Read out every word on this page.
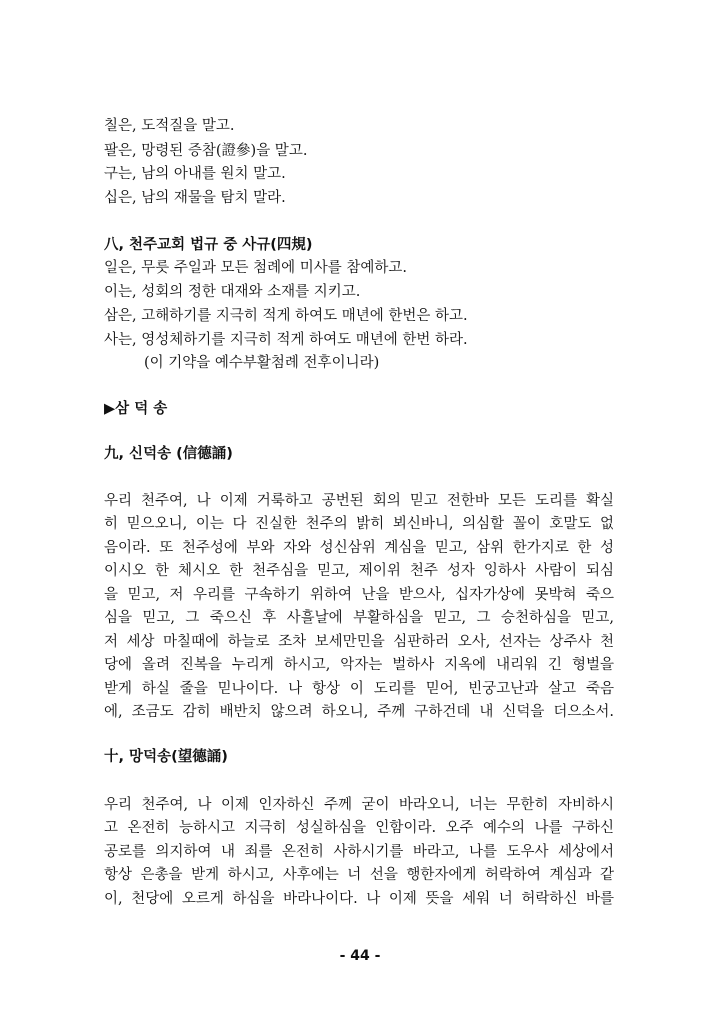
칠은, 도적질을 말고.
팔은, 망령된 증참(證參)을 말고.
구는, 남의 아내를 원치 말고.
십은, 남의 재물을 탐치 말라.
八, 천주교회 법규 중 사규(四規)
일은, 무릇 주일과 모든 첨례에 미사를 참예하고.
이는, 성회의 정한 대재와 소재를 지키고.
삼은, 고해하기를 지극히 적게 하여도 매년에 한번은 하고.
사는, 영성체하기를 지극히 적게 하여도 매년에 한번 하라.
(이 기약을 예수부활첨례 전후이니라)
▶삼 덕 송
九, 신덕송 (信德誦)
우리 천주여, 나 이제 거룩하고 공번된 회의 믿고 전한바 모든 도리를 확실
히 믿으오니, 이는 다 진실한 천주의 밝히 뵈신바니, 의심할 꼴이 호말도 없
음이라. 또 천주성에 부와 자와 성신삼위 계심을 믿고, 삼위 한가지로 한 성
이시오 한 체시오 한 천주심을 믿고, 제이위 천주 성자 잉하사 사람이 되심
을 믿고, 저 우리를 구속하기 위하여 난을 받으사, 십자가상에 못박혀 죽으
심을 믿고, 그 죽으신 후 사흘날에 부활하심을 믿고, 그 승천하심을 믿고,
저 세상 마칠때에 하늘로 조차 보세만민을 심판하러 오사, 선자는 상주사 천
당에 올려 진복을 누리게 하시고, 악자는 벌하사 지옥에 내리워 긴 형벌을
받게 하실 줄을 믿나이다. 나 항상 이 도리를 믿어, 빈궁고난과 살고 죽음
에, 조금도 감히 배반치 않으려 하오니, 주께 구하건데 내 신덕을 더으소서.
十, 망덕송(望德誦)
우리 천주여, 나 이제 인자하신 주께 굳이 바라오니, 너는 무한히 자비하시
고 온전히 능하시고 지극히 성실하심을 인함이라. 오주 예수의 나를 구하신
공로를 의지하여 내 죄를 온전히 사하시기를 바라고, 나를 도우사 세상에서
항상 은총을 받게 하시고, 사후에는 너 선을 행한자에게 허락하여 계심과 같
이, 천당에 오르게 하심을 바라나이다. 나 이제 뜻을 세워 너 허락하신 바를
- 44 -
